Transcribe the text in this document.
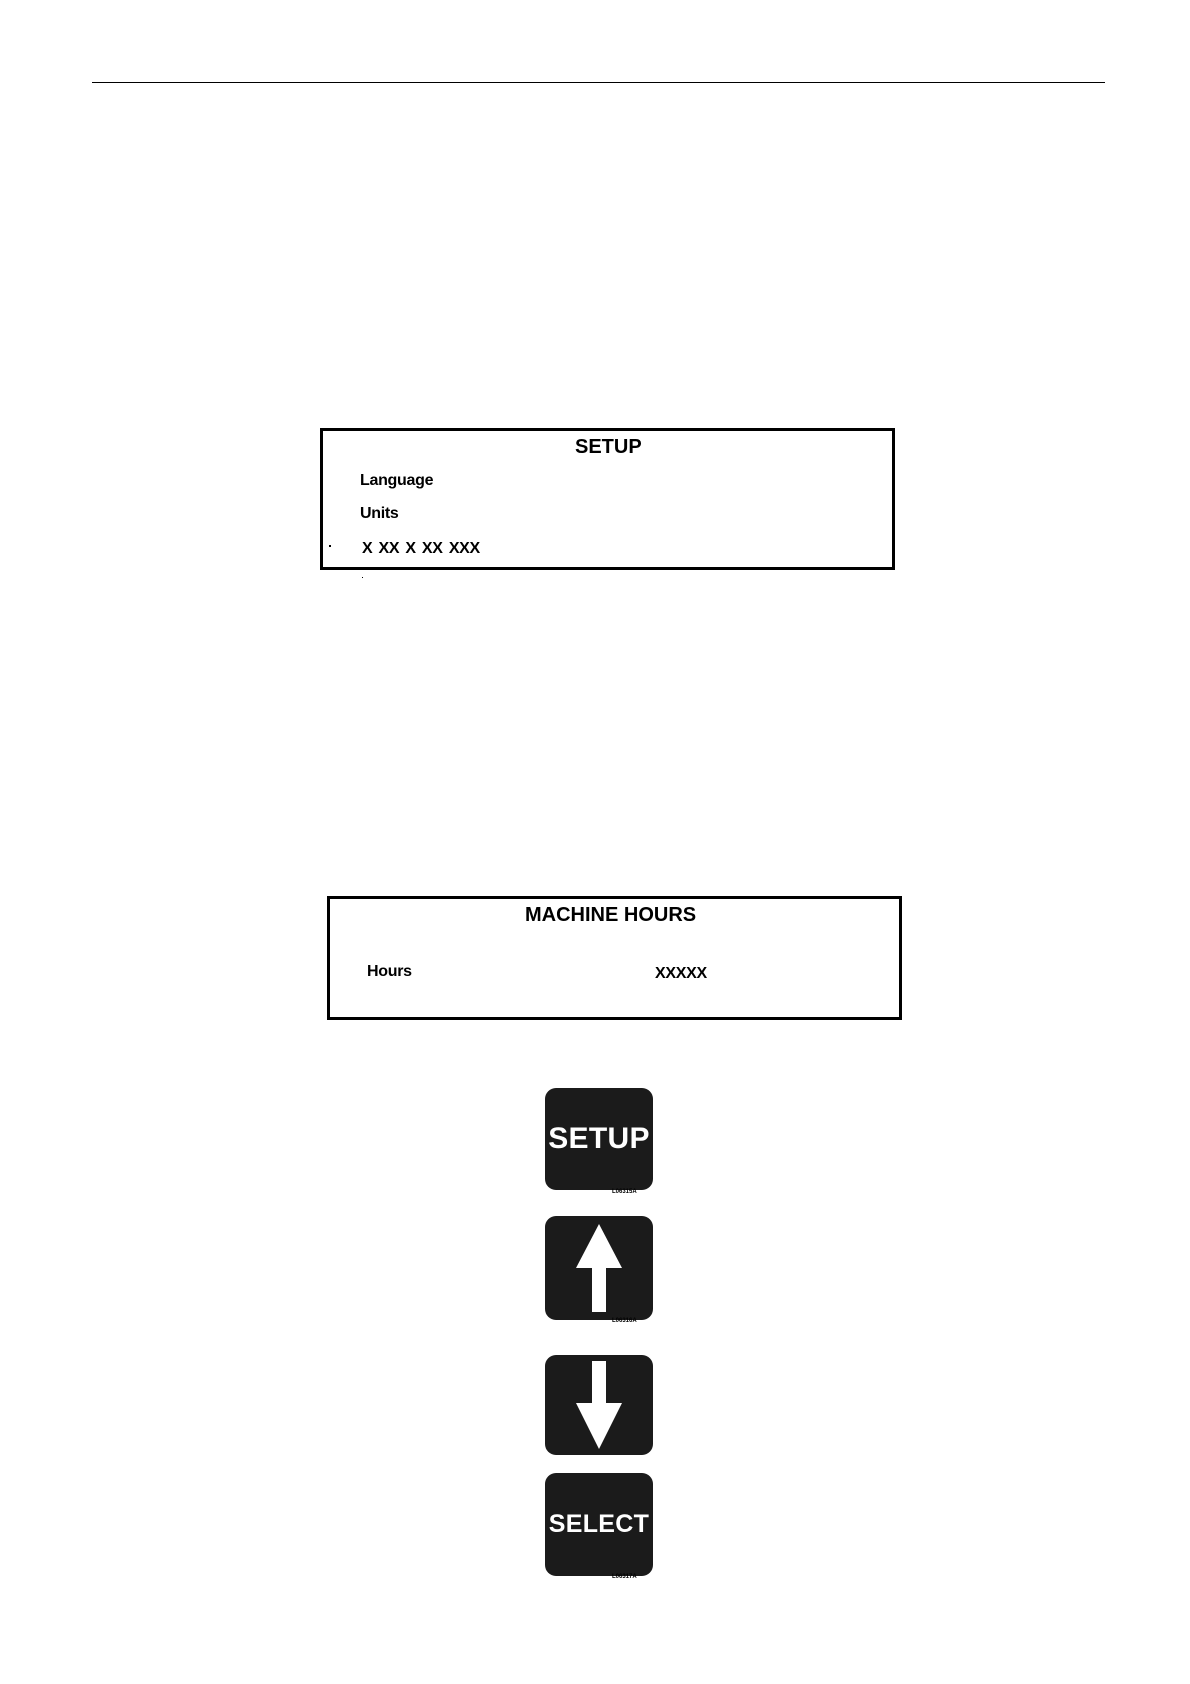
SETUP
Language
Units
X XX X XX XXX
MACHINE HOURS
Hours	XXXXX
SETUP
L06315A
L06316A
SELECT
L06317A
